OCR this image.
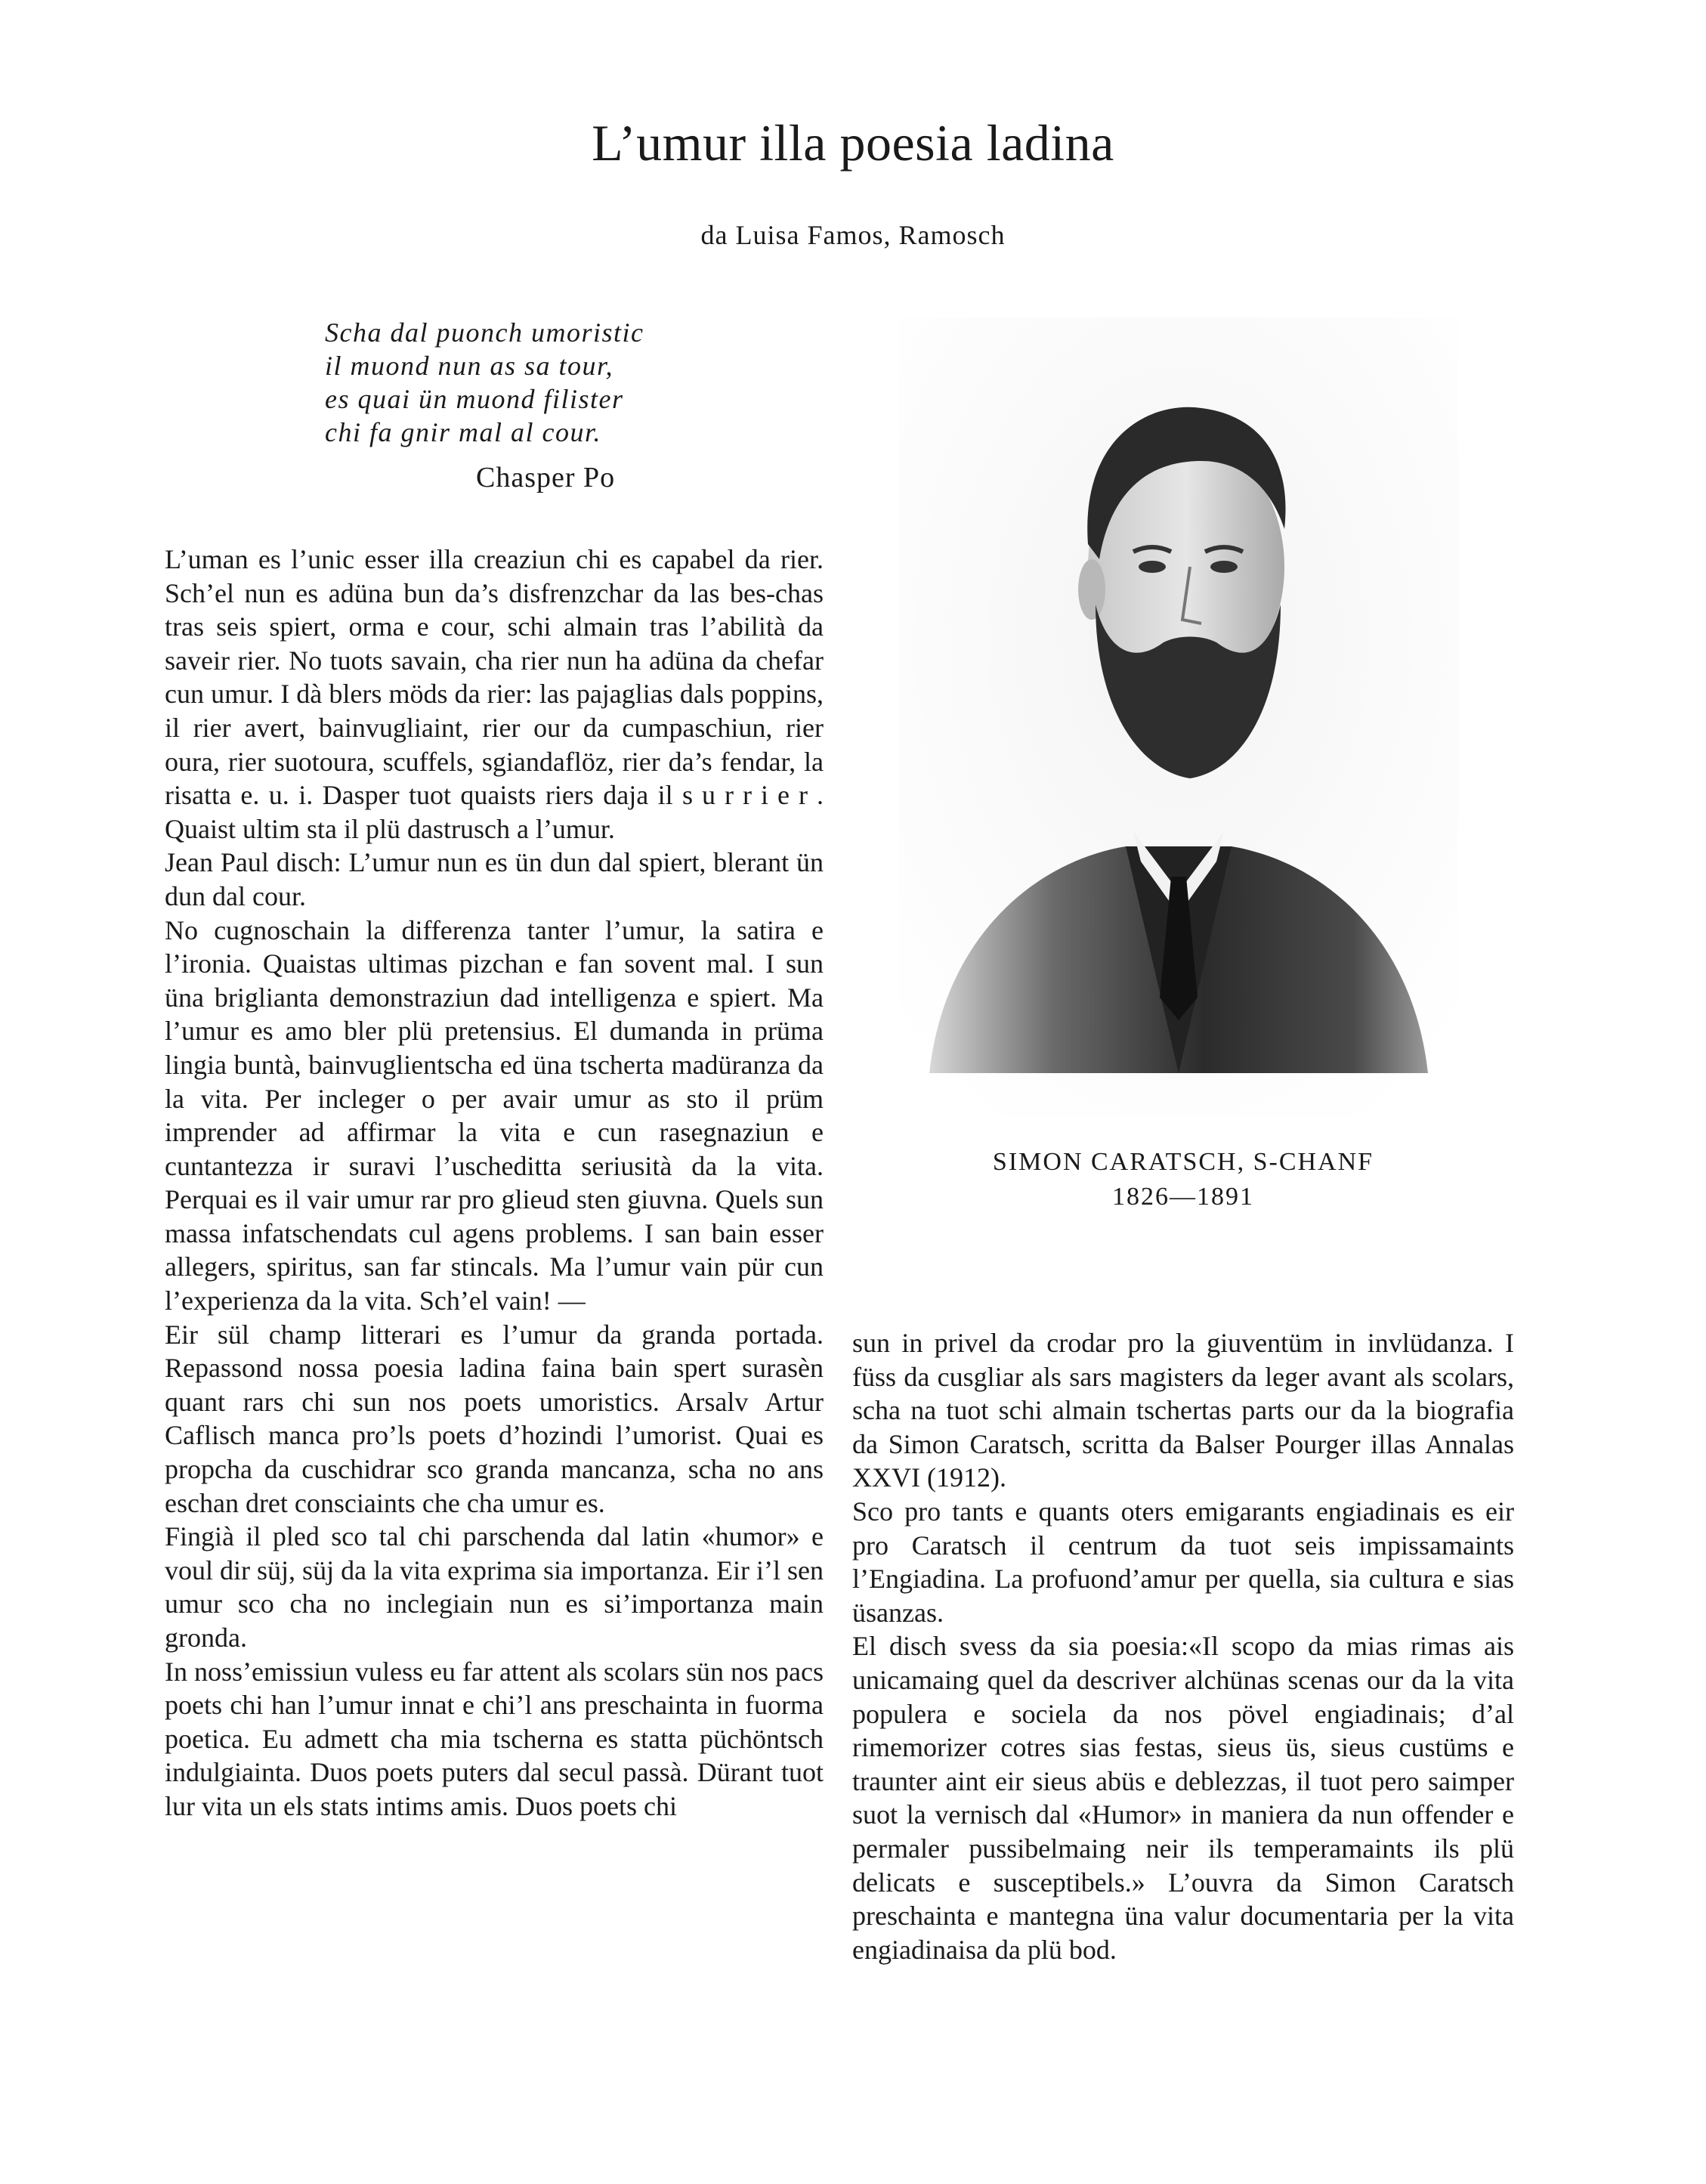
L’umur illa poesia ladina
da Luisa Famos, Ramosch
Scha dal puonch umoristic
il muond nun as sa tour,
es quai ün muond filister
chi fa gnir mal al cour.
Chasper Po

L’uman es l’unic esser illa creaziun chi es capabel da rier. Sch’el nun es adüna bun da’s disfrenzchar da las bes-chas tras seis spiert, orma e cour, schi almain tras l’abilità da saveir rier. No tuots savain, cha rier nun ha adüna da chefar cun umur. I dà blers möds da rier: las pajaglias dals poppins, il rier avert, bainvugliaint, rier our da cumpaschiun, rier oura, rier suotoura, scuffels, sgiandaflöz, rier da’s fendar, la risatta e. u. i. Dasper tuot quaists riers daja il surrier. Quaist ultim sta il plü dastrusch a l’umur.

Jean Paul disch: L’umur nun es ün dun dal spiert, blerant ün dun dal cour.

No cugnoschain la differenza tanter l’umur, la satira e l’ironia. Quaistas ultimas pizchan e fan sovent mal. I sun üna briglianta demonstraziun dad intelligenza e spiert. Ma l’umur es amo bler plü pretensius. El dumanda in prüma lingia buntà, bainvuglientscha ed üna tscherta madüranza da la vita. Per incleger o per avair umur as sto il prüm imprender ad affirmar la vita e cun rasegnaziun e cuntantezza ir suravi l’uscheditta seriusità da la vita. Perquai es il vair umur rar pro glieud sten giuvna. Quels sun massa infatschendats cul agens problems. I san bain esser allegers, spiritus, san far stincals. Ma l’umur vain pür cun l’experienza da la vita. Sch’el vain! —

Eir sül champ litterari es l’umur da granda portada. Repassond nossa poesia ladina faina bain spert surasèn quant rars chi sun nos poets umoristics. Arsalv Artur Caflisch manca pro’ls poets d’hozindi l’umorist. Quai es propcha da cuschidrar sco granda mancanza, scha no ans eschan dret consciaints che cha umur es.

Fingià il pled sco tal chi parschenda dal latin «humor» e voul dir süj, süj da la vita exprima sia importanza. Eir i’l sen umur sco cha no inclegiain nun es si’importanza main gronda.

In noss’emissiun vuless eu far attent als scolars sün nos pacs poets chi han l’umur innat e chi’l ans preschainta in fuorma poetica. Eu admett cha mia tscherna es statta püchöntsch indulgiainta. Duos poets puters dal secul passà. Dürant tuot lur vita un els stats intims amis. Duos poets chi

SIMON CARATSCH, S-CHANF
1826—1891

sun in privel da crodar pro la giuventüm in invlüdanza. I füss da cusgliar als sars magisters da leger avant als scolars, scha na tuot schi almain tschertas parts our da la biografia da Simon Caratsch, scritta da Balser Pourger illas Annalas XXVI (1912).

Sco pro tants e quants oters emigarants engiadinais es eir pro Caratsch il centrum da tuot seis impissamaints l’Engiadina. La profuond’amur per quella, sia cultura e sias üsanzas.

El disch svess da sia poesia:«Il scopo da mias rimas ais unicamaing quel da descriver alchünas scenas our da la vita populera e sociela da nos pövel engiadinais; d’al rimemorizer cotres sias festas, sieus üs, sieus custüms e traunter aint eir sieus abüs e deblezzas, il tuot pero saimper suot la vernisch dal «Humor» in maniera da nun offender e permaler pussibelmaing neir ils temperamaints ils plü delicats e susceptibels.» L’ouvra da Simon Caratsch preschainta e mantegna üna valur documentaria per la vita engiadinaisa da plü bod.
